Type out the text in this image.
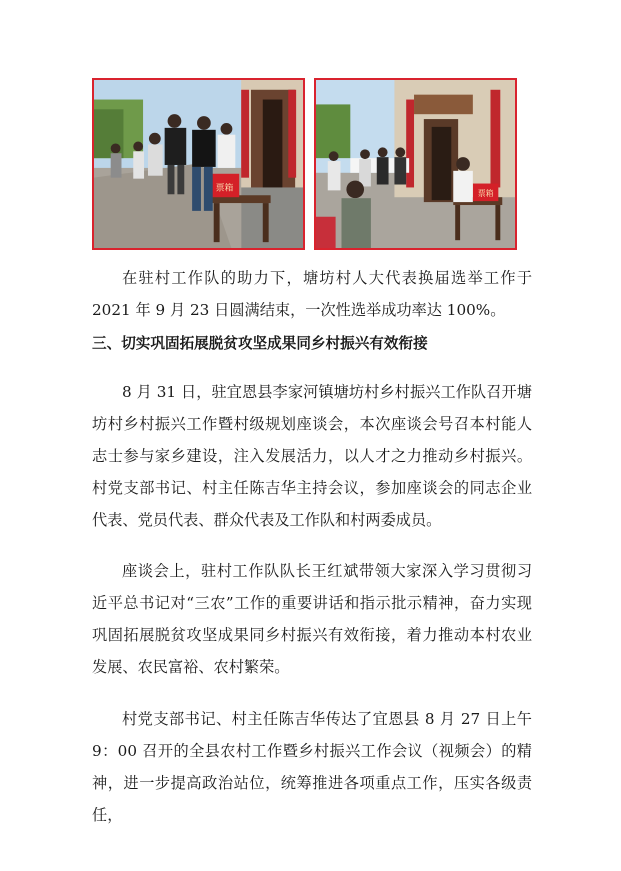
票箱
票箱

在驻村工作队的助力下，塘坊村人大代表换届选举工作于 2021 年 9 月 23 日圆满结束，一次性选举成功率达 100%。

三、切实巩固拓展脱贫攻坚成果同乡村振兴有效衔接

8 月 31 日，驻宜恩县李家河镇塘坊村乡村振兴工作队召开塘坊村乡村振兴工作暨村级规划座谈会，本次座谈会号召本村能人志士参与家乡建设，注入发展活力，以人才之力推动乡村振兴。村党支部书记、村主任陈吉华主持会议，参加座谈会的同志企业代表、党员代表、群众代表及工作队和村两委成员。

座谈会上，驻村工作队队长王红斌带领大家深入学习贯彻习近平总书记对“三农”工作的重要讲话和指示批示精神，奋力实现巩固拓展脱贫攻坚成果同乡村振兴有效衔接，着力推动本村农业发展、农民富裕、农村繁荣。

村党支部书记、村主任陈吉华传达了宜恩县 8 月 27 日上午 9：00 召开的全县农村工作暨乡村振兴工作会议（视频会）的精神，进一步提高政治站位，统筹推进各项重点工作，压实各级责任，
